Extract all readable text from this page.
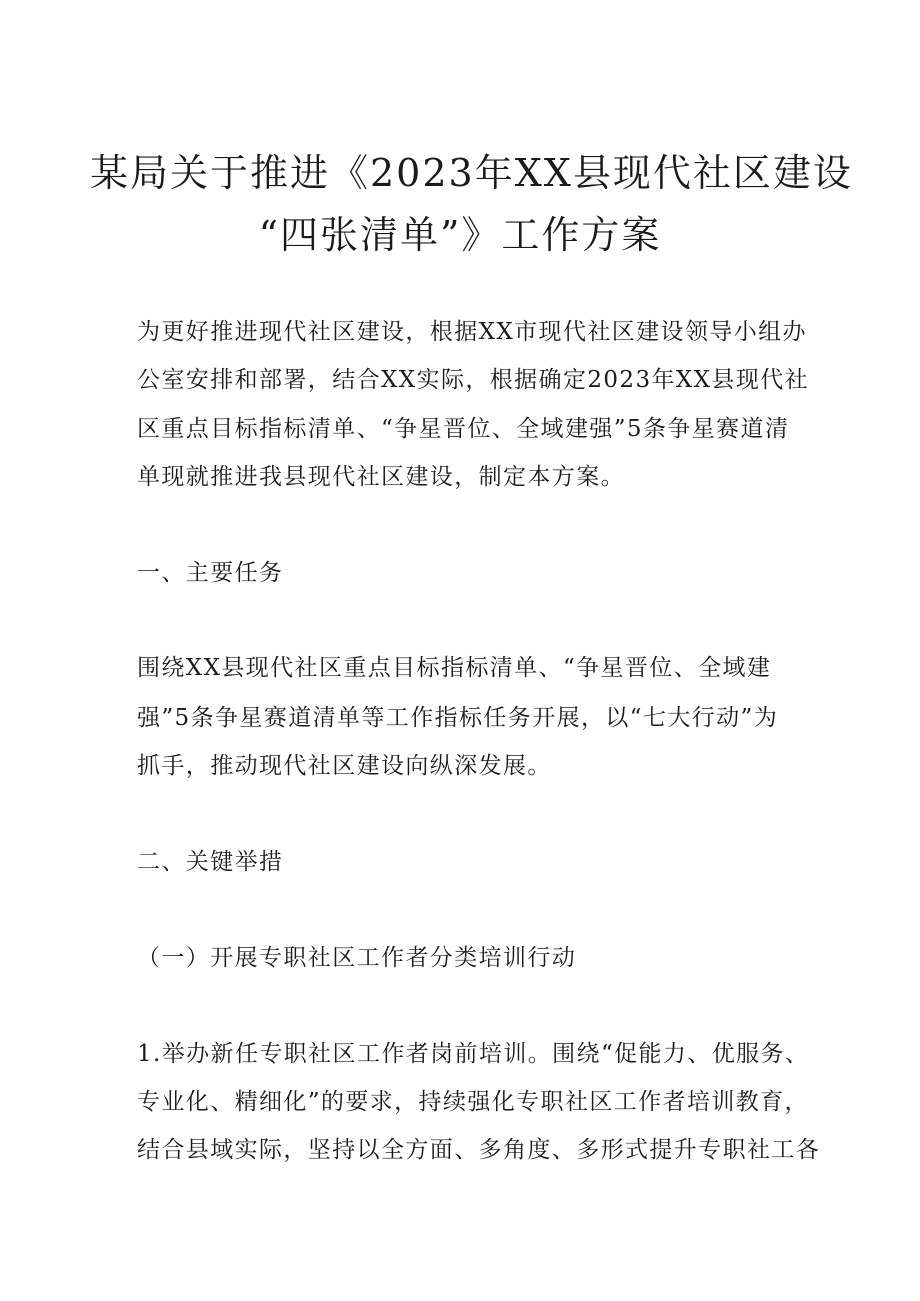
某局关于推进《2023年XX县现代社区建设
“四张清单”》工作方案
为更好推进现代社区建设，根据XX市现代社区建设领导小组办
公室安排和部署，结合XX实际，根据确定2023年XX县现代社
区重点目标指标清单、“争星晋位、全域建强”5条争星赛道清
单现就推进我县现代社区建设，制定本方案。
一、主要任务
围绕XX县现代社区重点目标指标清单、“争星晋位、全域建
强”5条争星赛道清单等工作指标任务开展，以“七大行动”为
抓手，推动现代社区建设向纵深发展。
二、关键举措
（一）开展专职社区工作者分类培训行动
1.举办新任专职社区工作者岗前培训。围绕“促能力、优服务、
专业化、精细化”的要求，持续强化专职社区工作者培训教育，
结合县域实际，坚持以全方面、多角度、多形式提升专职社工各
